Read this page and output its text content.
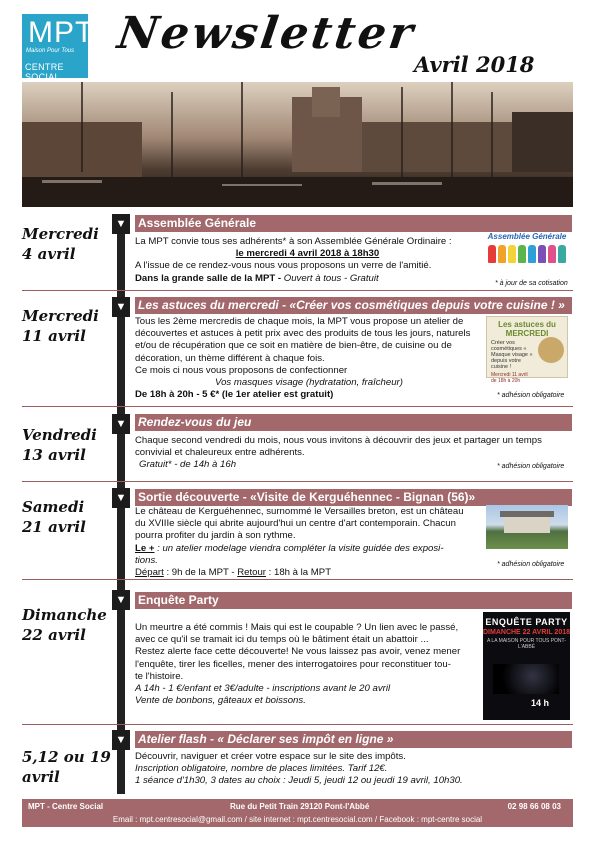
MPT
Maison Pour Tous
CENTRE SOCIAL
Newsletter
Avril 2018
▼
▼
▼
▼
▼
▼
Mercredi
4 avril
Assemblée Générale

La MPT convie tous ses adhérents* à son Assemblée Générale Ordinaire :

le mercredi 4 avril 2018 à 18h30

A l'issue de ce rendez-vous nous vous proposons un verre de l'amitié.

Dans la grande salle de la MPT - Ouvert à tous - Gratuit

Assemblée Générale
* à jour de sa cotisation
Mercredi
11 avril
Les astuces du mercredi - «Créer vos cosmétiques depuis votre cuisine ! »

Tous les 2ème mercredis de chaque mois, la MPT vous propose un atelier de

découvertes et astuces à petit prix avec des produits de tous les jours, naturels

et/ou de récupération que ce soit en matière de bien-être, de cuisine ou de

décoration, un thème différent à chaque fois.

Ce mois ci nous vous proposons de confectionner

Vos masques visage (hydratation, fraîcheur)

De 18h à 20h - 5 €* (le 1er atelier est gratuit)

Les astuces du MERCREDI
Créer vos cosmétiques « Masque visage » depuis votre cuisine !
Mercredi 11 avril de 18h à 20h
* adhésion obligatoire
Vendredi
13 avril
Rendez-vous du jeu

Chaque second vendredi du mois, nous vous invitons à découvrir des jeux et partager un temps

convivial et chaleureux entre adhérents.

Gratuit* - de 14h à 16h	* adhésion obligatoire
Samedi
21 avril
Sortie découverte - «Visite de Kerguéhennec - Bignan (56)»

Le château de Kerguéhennec, surnommé le Versailles breton, est un château

du XVIIIe siècle qui abrite aujourd'hui un centre d'art contemporain. Chacun

pourra profiter du jardin à son rythme.

Le + : un atelier modelage viendra compléter la visite guidée des exposi-

tions.

Départ : 9h de la MPT - Retour : 18h à la MPT

* adhésion obligatoire
Dimanche
22 avril
Enquête Party

Un meurtre a été commis ! Mais qui est le coupable ? Un lien avec le passé,

avec ce qu'il se tramait ici du temps où le bâtiment était un abattoir ...

Restez alerte face cette découverte! Ne vous laissez pas avoir, venez mener

l'enquête, tirer les ficelles, mener des interrogatoires pour reconstituer tou-

te l'histoire.

A 14h - 1 €/enfant et 3€/adulte - inscriptions avant le 20 avril

Vente de bonbons, gâteaux et boissons.

ENQUÊTE PARTY
DIMANCHE 22 AVRIL 2018
A LA MAISON POUR TOUS PONT-L'ABBÉ
14 h
5,12 ou 19
avril
Atelier flash - « Déclarer ses impôt en ligne »

Découvrir, naviguer et créer votre espace sur le site des impôts.

Inscription obligatoire, nombre de places limitées. Tarif 12€.

1 séance d'1h30, 3 dates au choix : Jeudi 5, jeudi 12 ou jeudi 19 avril, 10h30.

MPT - Centre Social	Rue du Petit Train 29120 Pont-l'Abbé	02 98 66 08 03
Email : mpt.centresocial@gmail.com / site internet : mpt.centresocial.com / Facebook : mpt-centre social
